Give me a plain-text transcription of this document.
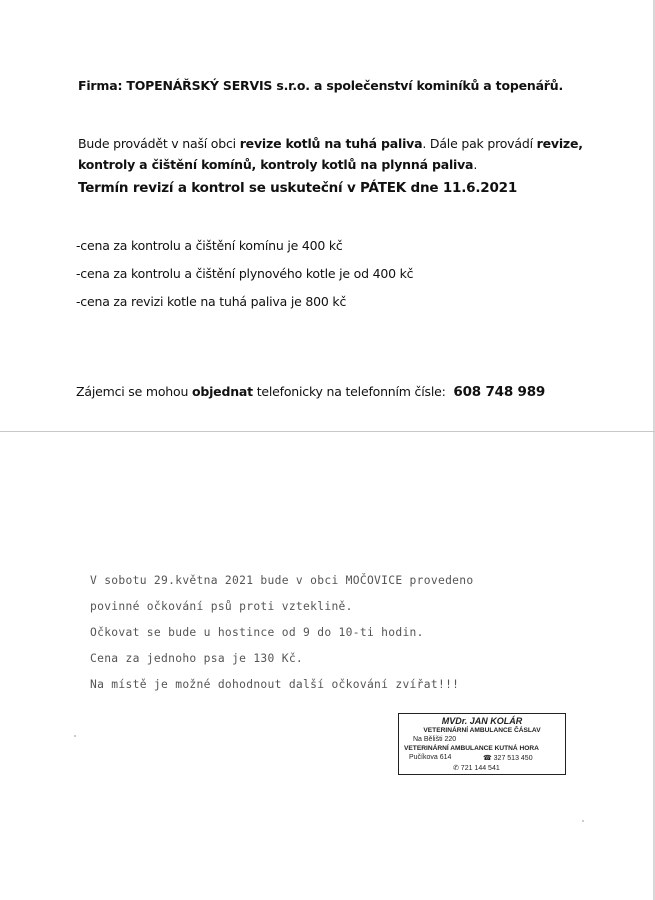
Firma: TOPENÁŘSKÝ SERVIS s.r.o. a společenství kominíků a topenářů.
Bude provádět v naší obci revize kotlů na tuhá paliva. Dále pak provádí revize, kontroly a čištění komínů, kontroly kotlů na plynná paliva.
Termín revizí a kontrol se uskuteční v PÁTEK dne 11.6.2021
-cena za kontrolu a čištění komínu je 400 kč
-cena za kontrolu a čištění plynového kotle je od 400 kč
-cena za revizi kotle na tuhá paliva je 800 kč
Zájemci se mohou objednat telefonicky na telefonním čísle: 608 748 989
V sobotu 29.května 2021 bude v obci MOČOVICE provedeno
povinné očkování psů proti vzteklině.
Očkovat se bude u hostince od 9 do 10-ti hodin.
Cena za jednoho psa je 130 Kč.
Na místě je možné dohodnout další očkování zvířat!!!
MVDr. JAN KOLÁR
VETERINÁRNÍ AMBULANCE ČÁSLAV
Na Bělišti 220
VETERINÁRNÍ AMBULANCE KUTNÁ HORA
Pučíkova 614	☎ 327 513 450
✆ 721 144 541
